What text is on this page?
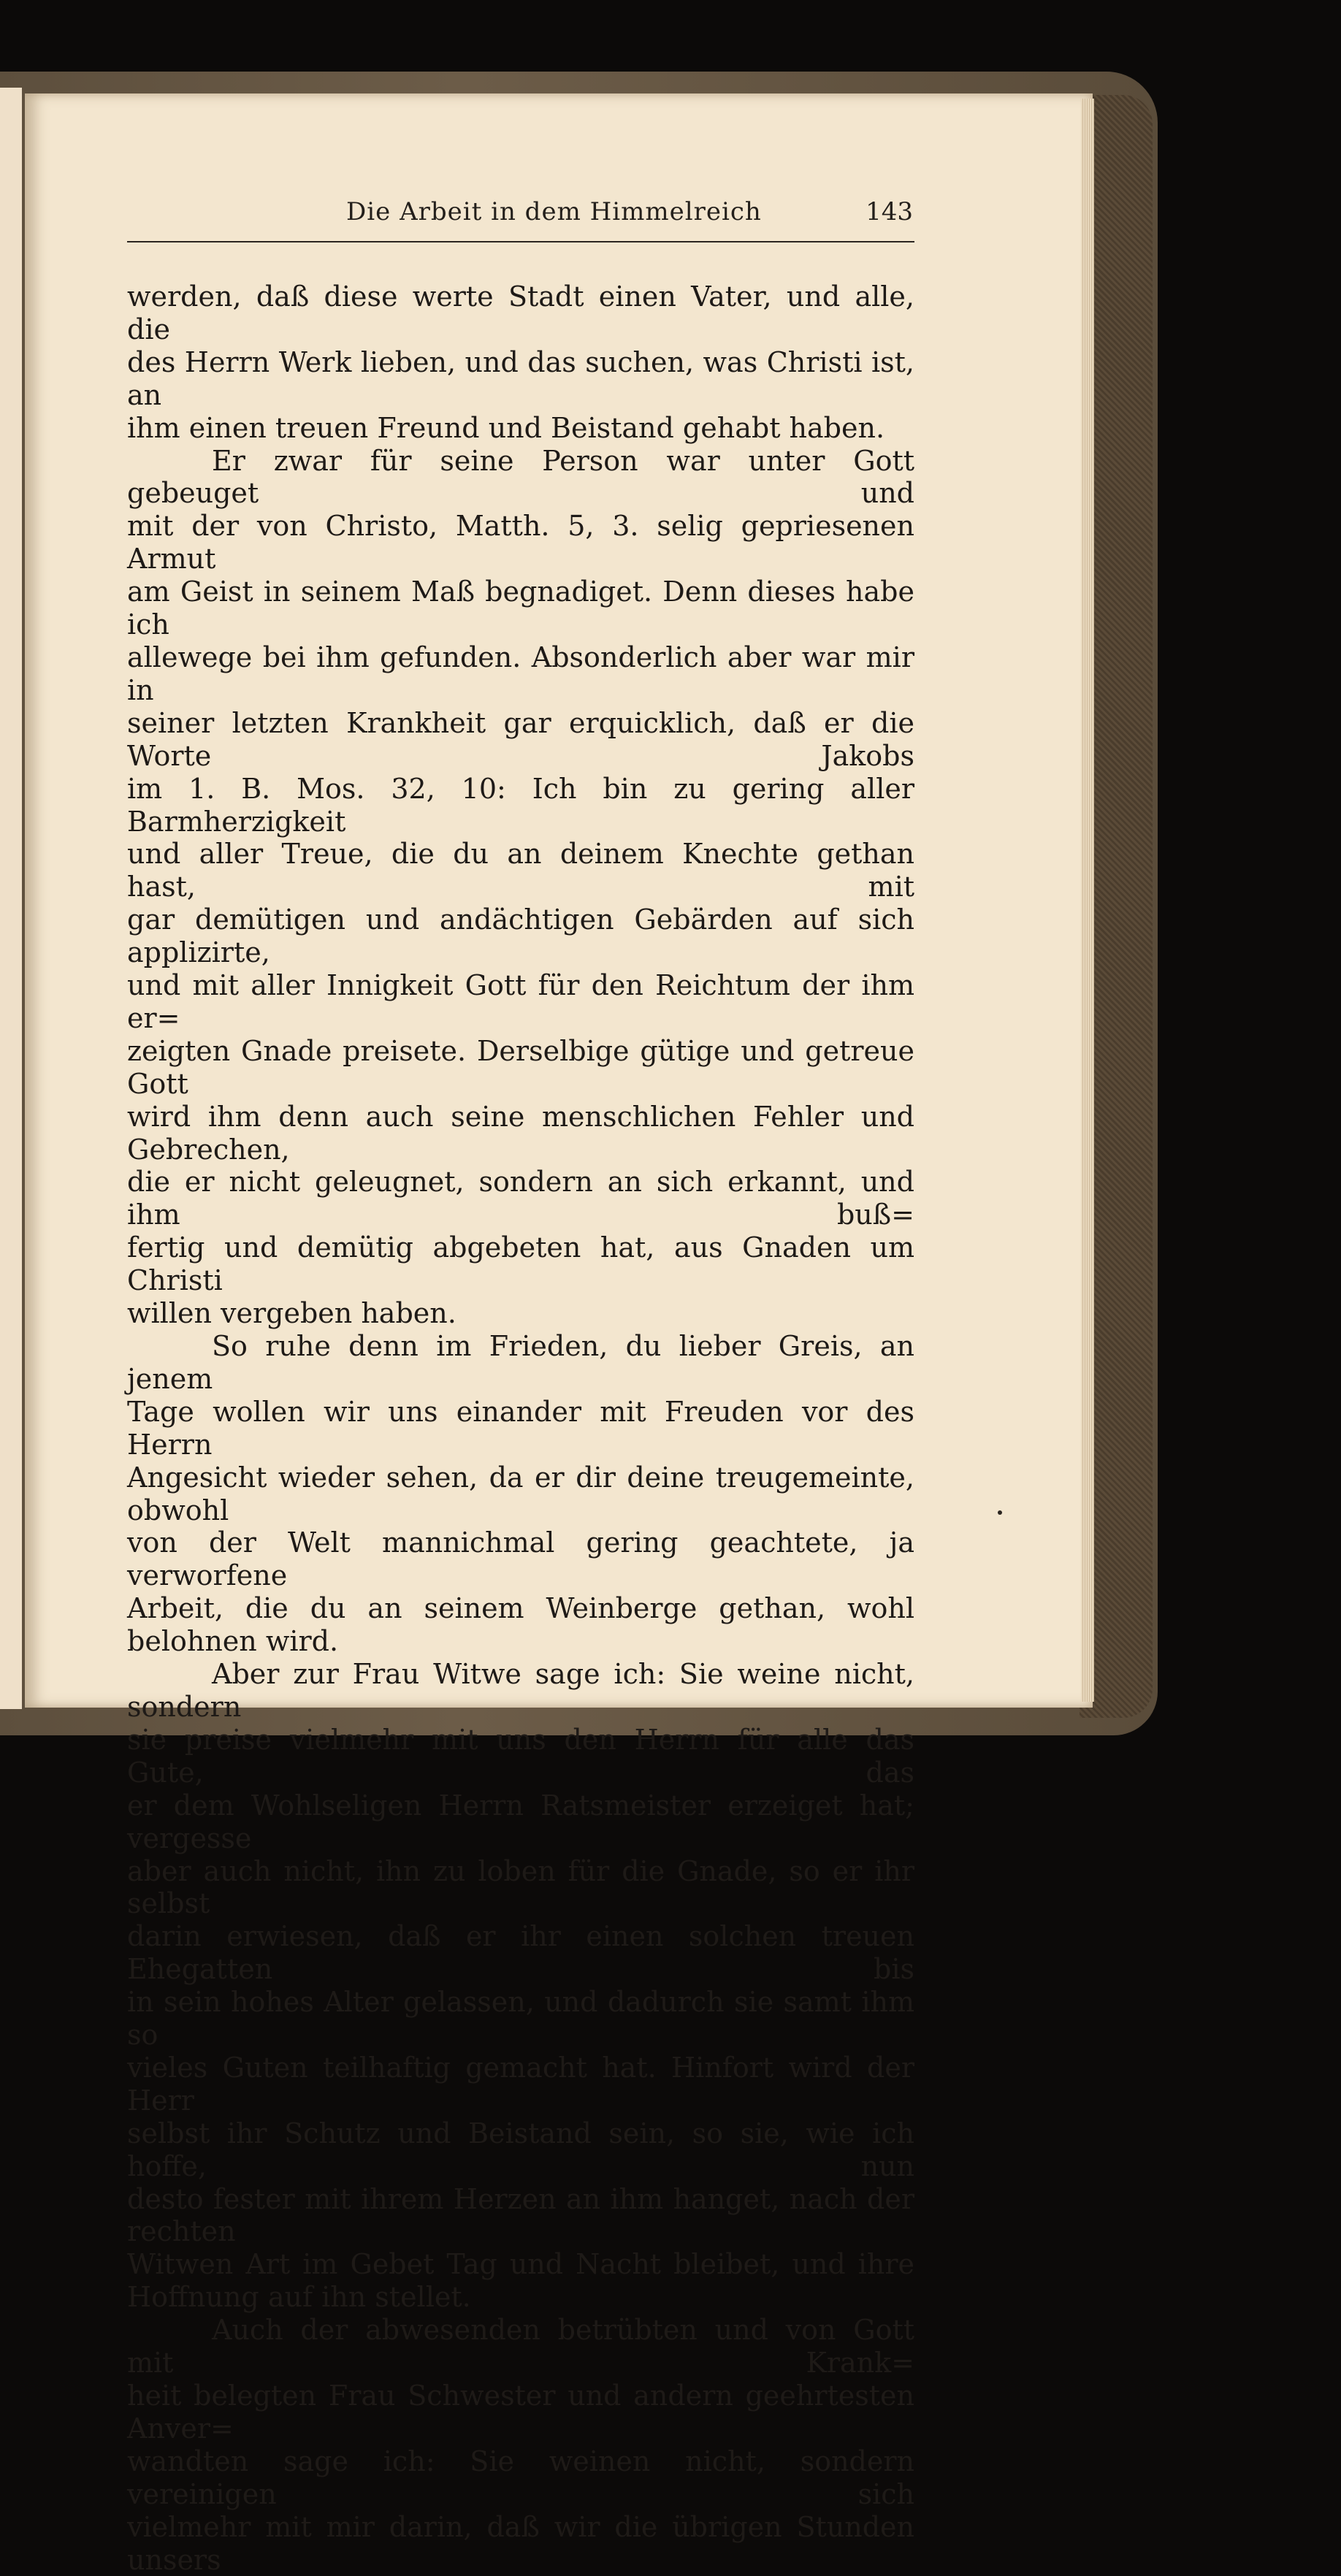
Die Arbeit in dem Himmelreich	143

werden, daß diese werte Stadt einen Vater, und alle, die

des Herrn Werk lieben, und das suchen, was Christi ist, an

ihm einen treuen Freund und Beistand gehabt haben.

Er zwar für seine Person war unter Gott gebeuget und

mit der von Christo, Matth. 5, 3. selig gepriesenen Armut

am Geist in seinem Maß begnadiget. Denn dieses habe ich

allewege bei ihm gefunden. Absonderlich aber war mir in

seiner letzten Krankheit gar erquicklich, daß er die Worte Jakobs

im 1. B. Mos. 32, 10: Ich bin zu gering aller Barmherzigkeit

und aller Treue, die du an deinem Knechte gethan hast, mit

gar demütigen und andächtigen Gebärden auf sich applizirte,

und mit aller Innigkeit Gott für den Reichtum der ihm er=

zeigten Gnade preisete. Derselbige gütige und getreue Gott

wird ihm denn auch seine menschlichen Fehler und Gebrechen,

die er nicht geleugnet, sondern an sich erkannt, und ihm buß=

fertig und demütig abgebeten hat, aus Gnaden um Christi

willen vergeben haben.

So ruhe denn im Frieden, du lieber Greis, an jenem

Tage wollen wir uns einander mit Freuden vor des Herrn

Angesicht wieder sehen, da er dir deine treugemeinte, obwohl

von der Welt mannichmal gering geachtete, ja verworfene

Arbeit, die du an seinem Weinberge gethan, wohl belohnen wird.

Aber zur Frau Witwe sage ich: Sie weine nicht, sondern

sie preise vielmehr mit uns den Herrn für alle das Gute, das

er dem Wohlseligen Herrn Ratsmeister erzeiget hat; vergesse

aber auch nicht, ihn zu loben für die Gnade, so er ihr selbst

darin erwiesen, daß er ihr einen solchen treuen Ehegatten bis

in sein hohes Alter gelassen, und dadurch sie samt ihm so

vieles Guten teilhaftig gemacht hat. Hinfort wird der Herr

selbst ihr Schutz und Beistand sein, so sie, wie ich hoffe, nun

desto fester mit ihrem Herzen an ihm hanget, nach der rechten

Witwen Art im Gebet Tag und Nacht bleibet, und ihre

Hoffnung auf ihn stellet.

Auch der abwesenden betrübten und von Gott mit Krank=

heit belegten Frau Schwester und andern geehrtesten Anver=

wandten sage ich: Sie weinen nicht, sondern vereinigen sich

vielmehr mit mir darin, daß wir die übrigen Stunden unsers
